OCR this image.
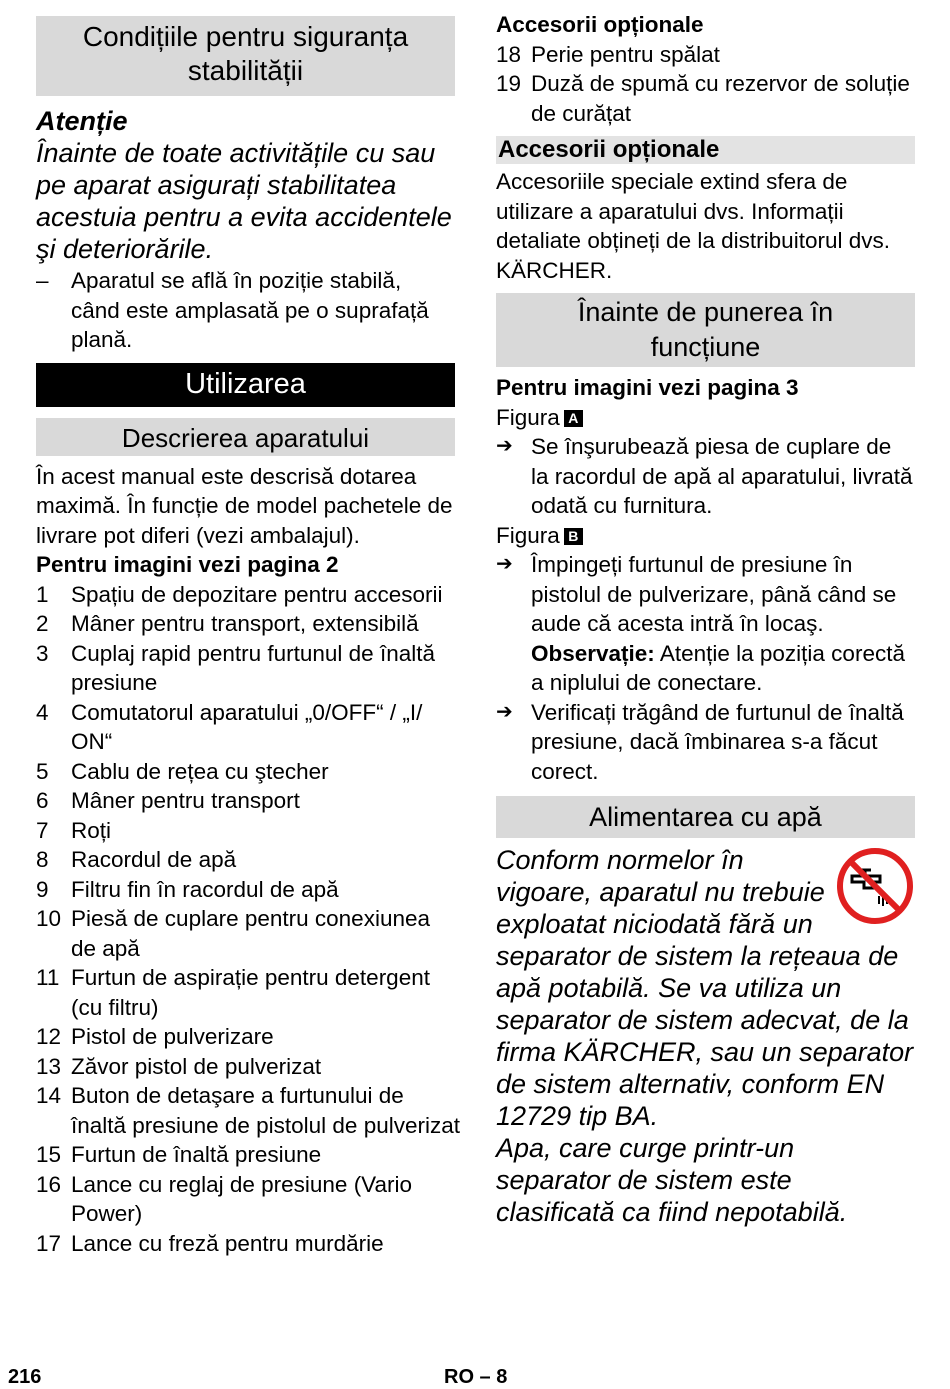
Condițiile pentru siguranța stabilității
Atenție
Înainte de toate activitățile cu sau pe aparat asigurați stabilitatea acestuia pentru a evita accidentele şi deteriorările.
– Aparatul se află în poziție stabilă, când este amplasată pe o suprafață plană.
Utilizarea
Descrierea aparatului

În acest manual este descrisă dotarea maximă. În funcție de model pachetele de livrare pot diferi (vezi ambalajul).

Pentru imagini vezi pagina 2

1 Spațiu de depozitare pentru accesorii
2 Mâner pentru transport, extensibilă
3 Cuplaj rapid pentru furtunul de înaltă presiune
4 Comutatorul aparatului „0/OFF“ / „I/ ON“
5 Cablu de rețea cu ştecher
6 Mâner pentru transport
7 Roți
8 Racordul de apă
9 Filtru fin în racordul de apă
10 Piesă de cuplare pentru conexiunea de apă
11 Furtun de aspirație pentru detergent (cu filtru)
12 Pistol de pulverizare
13 Zăvor pistol de pulverizat
14 Buton de detaşare a furtunului de înaltă presiune de pistolul de pulverizat
15 Furtun de înaltă presiune
16 Lance cu reglaj de presiune (Vario Power)
17 Lance cu freză pentru murdărie

Accesorii opționale

18 Perie pentru spălat
19 Duză de spumă cu rezervor de soluție de curățat
Accesorii opționale

Accesoriile speciale extind sfera de utilizare a aparatului dvs. Informații detaliate obțineți de la distribuitorul dvs. KÄRCHER.

Înainte de punerea în funcțiune

Pentru imagini vezi pagina 3

Figura A

➔ Se înşurubează piesa de cuplare de la racordul de apă al aparatului, livrată odată cu furnitura.

Figura B

➔ Împingeți furtunul de presiune în pistolul de pulverizare, până când se aude că acesta intră în locaş.
Observație: Atenție la poziția corectă a niplului de conectare.
➔ Verificați trăgând de furtunul de înaltă presiune, dacă îmbinarea s-a făcut corect.
Alimentarea cu apă
Conform normelor în vigoare, aparatul nu trebuie exploatat niciodată fără un separator de sistem la rețeaua de apă potabilă. Se va utiliza un separator de sistem adecvat, de la firma KÄRCHER, sau un separator de sistem alternativ, conform EN 12729 tip BA.
Apa, care curge printr-un separator de sistem este clasificată ca fiind nepotabilă.
216	RO – 8
